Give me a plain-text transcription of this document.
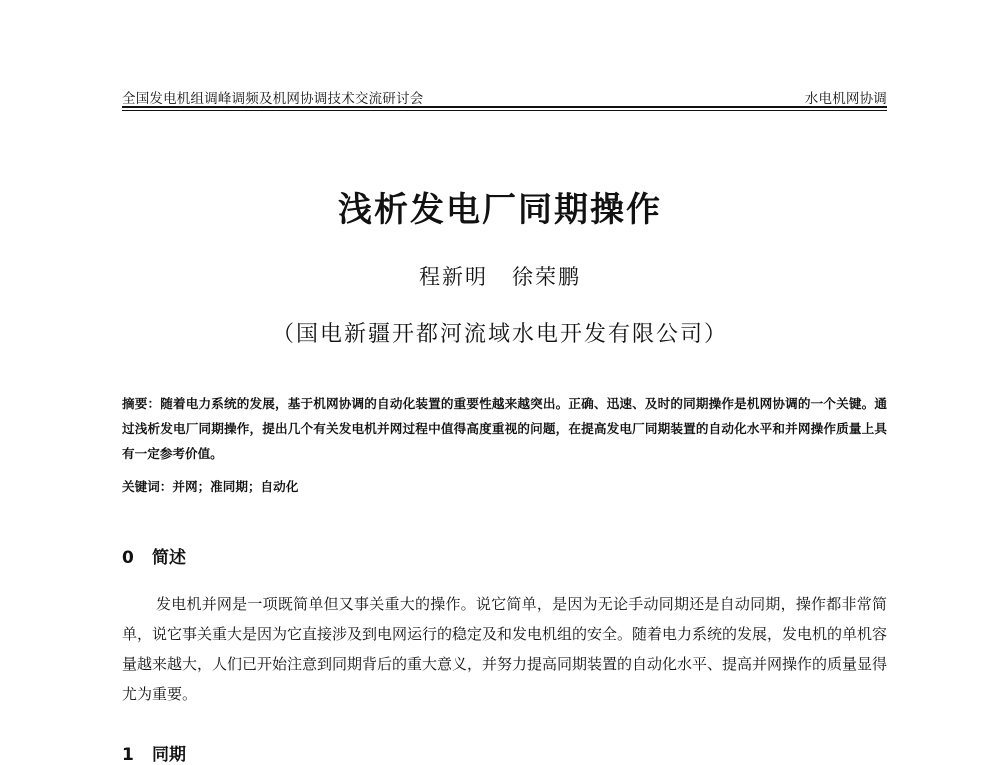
全国发电机组调峰调频及机网协调技术交流研讨会	水电机网协调
浅析发电厂同期操作
程新明 徐荣鹏
（国电新疆开都河流域水电开发有限公司）
摘要：随着电力系统的发展，基于机网协调的自动化装置的重要性越来越突出。正确、迅速、及时的同期操作是机网协调的一个关键。通过浅析发电厂同期操作，提出几个有关发电机并网过程中值得高度重视的问题，在提高发电厂同期装置的自动化水平和并网操作质量上具有一定参考价值。
关键词：并网；准同期；自动化
0 简述
发电机并网是一项既简单但又事关重大的操作。说它简单，是因为无论手动同期还是自动同期，操作都非常简单，说它事关重大是因为它直接涉及到电网运行的稳定及和发电机组的安全。随着电力系统的发展，发电机的单机容量越来越大，人们已开始注意到同期背后的重大意义，并努力提高同期装置的自动化水平、提高并网操作的质量显得尤为重要。
1 同期
